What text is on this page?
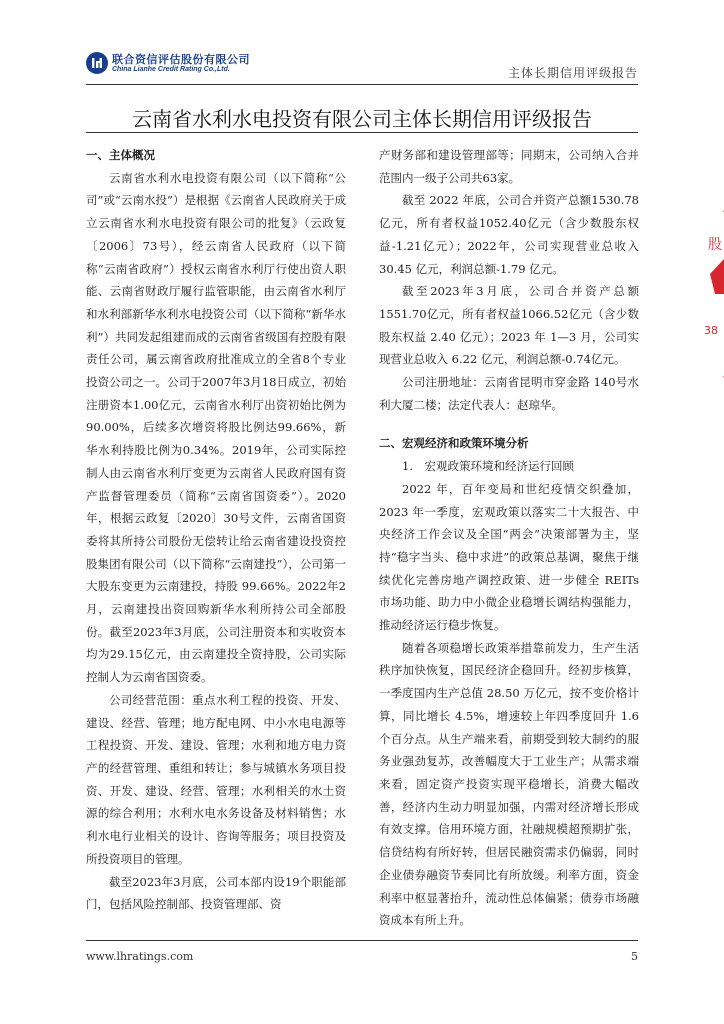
联合资信评估股份有限公司
China Lianhe Credit Rating Co.,Ltd.	主体长期信用评级报告
云南省水利水电投资有限公司主体长期信用评级报告

一、主体概况

云南省水利水电投资有限公司（以下简称“公司”或“云南水投”）是根据《云南省人民政府关于成立云南省水利水电投资有限公司的批复》（云政复〔2006〕73号），经云南省人民政府（以下简称“云南省政府”）授权云南省水利厅行使出资人职能、云南省财政厅履行监管职能，由云南省水利厅和水利部新华水利水电投资公司（以下简称“新华水利”）共同发起组建而成的云南省省级国有控股有限责任公司，属云南省政府批准成立的全省8个专业投资公司之一。公司于2007年3月18日成立，初始注册资本1.00亿元，云南省水利厅出资初始比例为 90.00%，后续多次增资将股比例达99.66%，新华水利持股比例为0.34%。2019年，公司实际控制人由云南省水利厅变更为云南省人民政府国有资产监督管理委员（简称“云南省国资委”）。2020年，根据云政复〔2020〕30号文件，云南省国资委将其所持公司股份无偿转让给云南省建设投资控股集团有限公司（以下简称“云南建投”），公司第一大股东变更为云南建投，持股 99.66%。2022年2月，云南建投出资回购新华水利所持公司全部股份。截至2023年3月底，公司注册资本和实收资本均为29.15亿元，由云南建投全资持股，公司实际控制人为云南省国资委。

公司经营范围：重点水利工程的投资、开发、建设、经营、管理；地方配电网、中小水电电源等工程投资、开发、建设、管理；水利和地方电力资产的经营管理、重组和转让；参与城镇水务项目投资、开发、建设、经营、管理；水利相关的水土资源的综合利用；水利水电水务设备及材料销售；水利水电行业相关的设计、咨询等服务；项目投资及所投资项目的管理。

截至2023年3月底，公司本部内设19个职能部门，包括风险控制部、投资管理部、资

产财务部和建设管理部等；同期末，公司纳入合并范围内一级子公司共63家。

截至 2022 年底，公司合并资产总额1530.78亿元，所有者权益1052.40亿元（含少数股东权益-1.21亿元）；2022年，公司实现营业总收入 30.45 亿元，利润总额-1.79 亿元。

截至2023年3月底，公司合并资产总额1551.70亿元，所有者权益1066.52亿元（含少数股东权益 2.40 亿元）；2023 年 1—3 月，公司实现营业总收入 6.22 亿元，利润总额-0.74亿元。

公司注册地址：云南省昆明市穿金路 140号水利大厦二楼；法定代表人：赵琼华。

二、宏观经济和政策环境分析

1.　宏观政策环境和经济运行回顾

2022 年，百年变局和世纪疫情交织叠加，2023 年一季度，宏观政策以落实二十大报告、中央经济工作会议及全国“两会”决策部署为主，坚持“稳字当头、稳中求进”的政策总基调，聚焦于继续优化完善房地产调控政策、进一步健全 REITs 市场功能、助力中小微企业稳增长调结构强能力，推动经济运行稳步恢复。

随着各项稳增长政策举措靠前发力，生产生活秩序加快恢复，国民经济企稳回升。经初步核算，一季度国内生产总值 28.50 万亿元，按不变价格计算，同比增长 4.5%，增速较上年四季度回升 1.6 个百分点。从生产端来看，前期受到较大制约的服务业强劲复苏，改善幅度大于工业生产；从需求端来看，固定资产投资实现平稳增长，消费大幅改善，经济内生动力明显加强，内需对经济增长形成有效支撑。信用环境方面，社融规模超预期扩张，信贷结构有所好转，但居民融资需求仍偏弱，同时企业债券融资节奏同比有所放缓。利率方面，资金利率中枢显著抬升，流动性总体偏紧；债券市场融资成本有所上升。

www.lhratings.com	5
股
38
